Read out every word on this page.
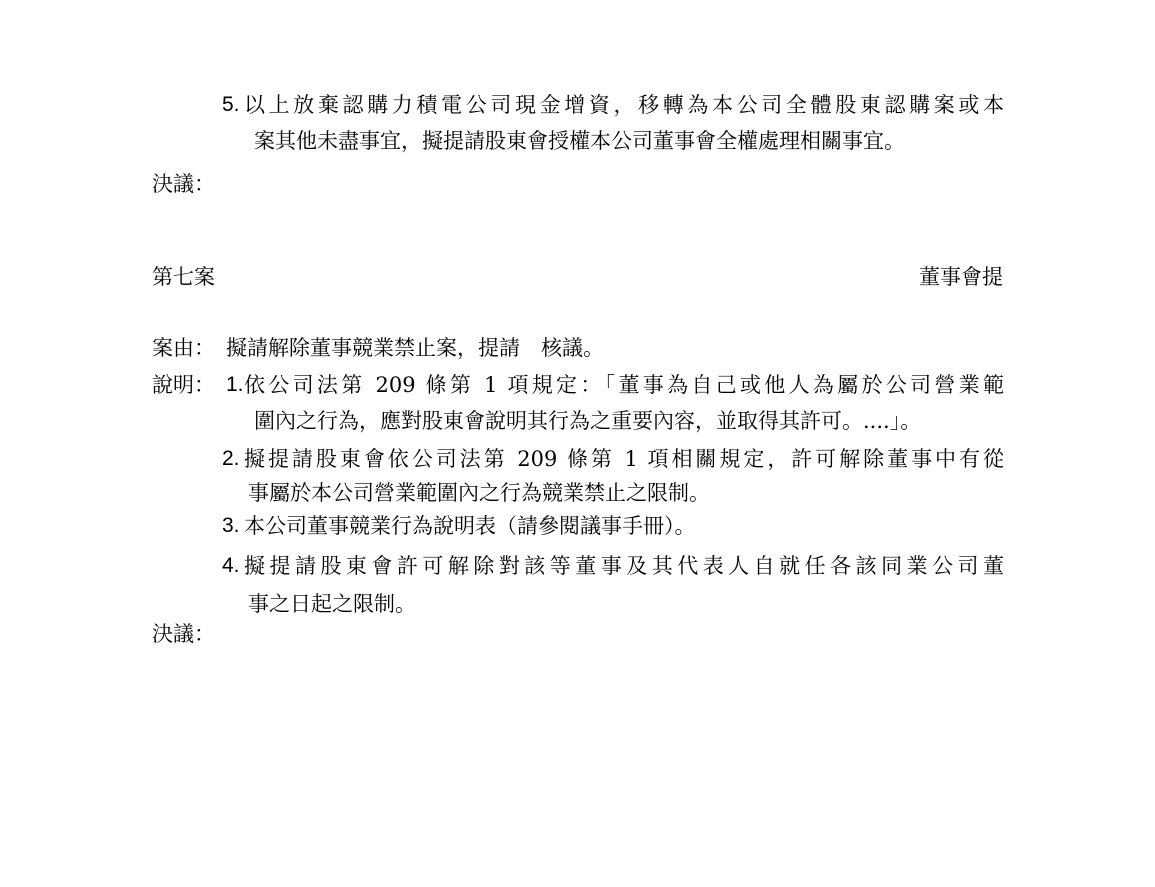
5. 以上放棄認購力積電公司現金增資，移轉為本公司全體股東認購案或本
案其他未盡事宜，擬提請股東會授權本公司董事會全權處理相關事宜。
決議：
第七案	董事會提
案由： 擬請解除董事競業禁止案，提請　核議。
說明： 1. 依公司法第 209 條第 1 項規定：「董事為自己或他人為屬於公司營業範
圍內之行為，應對股東會說明其行為之重要內容，並取得其許可。....」。
2. 擬提請股東會依公司法第 209 條第 1 項相關規定，許可解除董事中有從
事屬於本公司營業範圍內之行為競業禁止之限制。
3. 本公司董事競業行為說明表（請參閱議事手冊）。
4. 擬提請股東會許可解除對該等董事及其代表人自就任各該同業公司董
事之日起之限制。
決議：
